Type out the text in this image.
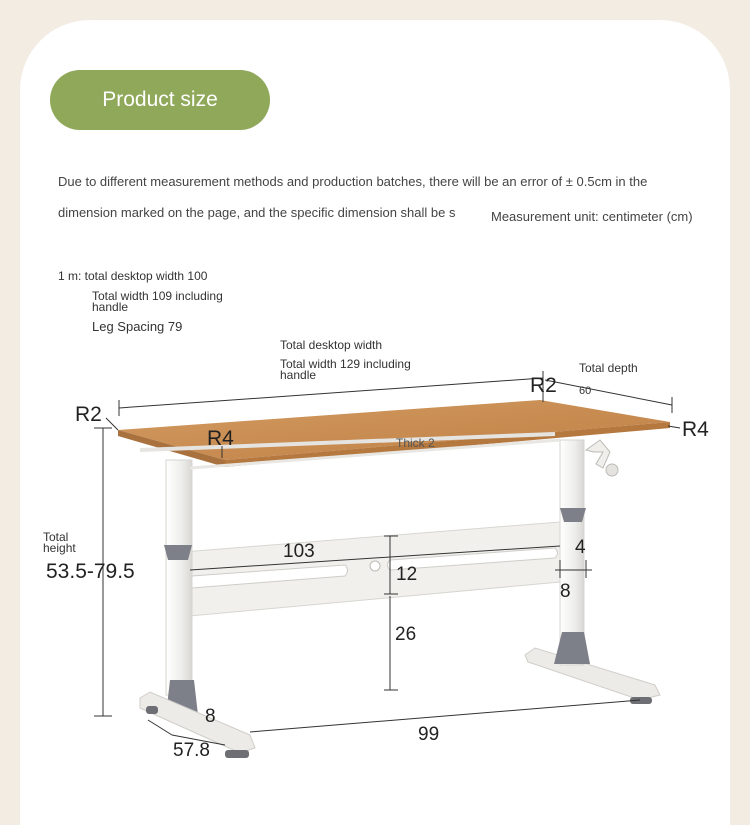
Product size
Due to different measurement methods and production batches, there will be an error of ± 0.5cm in the
dimension marked on the page, and the specific dimension shall be s	Measurement unit: centimeter (cm)
1 m: total desktop width 100
Total width 109 including handle
Leg Spacing 79
Total desktop width
Total width 129 including handle	Total depth
60
R2
R2
R4	R4
Thick 2
Total height
53.5-79.5
103
12
4
8
26
8
57.8
99
